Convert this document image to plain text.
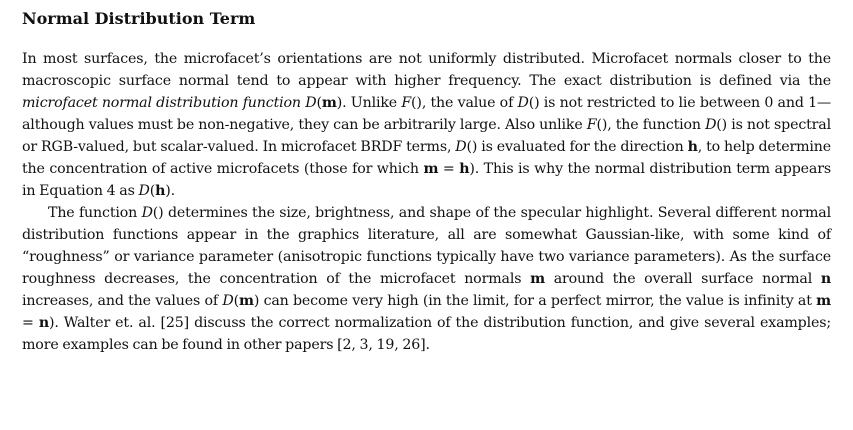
Normal Distribution Term

In most surfaces, the microfacet’s orientations are not uniformly distributed. Microfacet normals closer to the macroscopic surface normal tend to appear with higher frequency. The exact distribution is defined via the microfacet normal distribution function D(m). Unlike F(), the value of D() is not restricted to lie between 0 and 1—although values must be non-negative, they can be arbitrarily large. Also unlike F(), the function D() is not spectral or RGB-valued, but scalar-valued. In microfacet BRDF terms, D() is evaluated for the direction h, to help determine the concentration of active microfacets (those for which m = h). This is why the normal distribution term appears in Equation 4 as D(h).

The function D() determines the size, brightness, and shape of the specular highlight. Several different normal distribution functions appear in the graphics literature, all are somewhat Gaussian-like, with some kind of “roughness” or variance parameter (anisotropic functions typically have two variance parameters). As the surface roughness decreases, the concentration of the microfacet normals m around the overall surface normal n increases, and the values of D(m) can become very high (in the limit, for a perfect mirror, the value is infinity at m = n). Walter et. al. [25] discuss the correct normalization of the distribution function, and give several examples; more examples can be found in other papers [2, 3, 19, 26].
